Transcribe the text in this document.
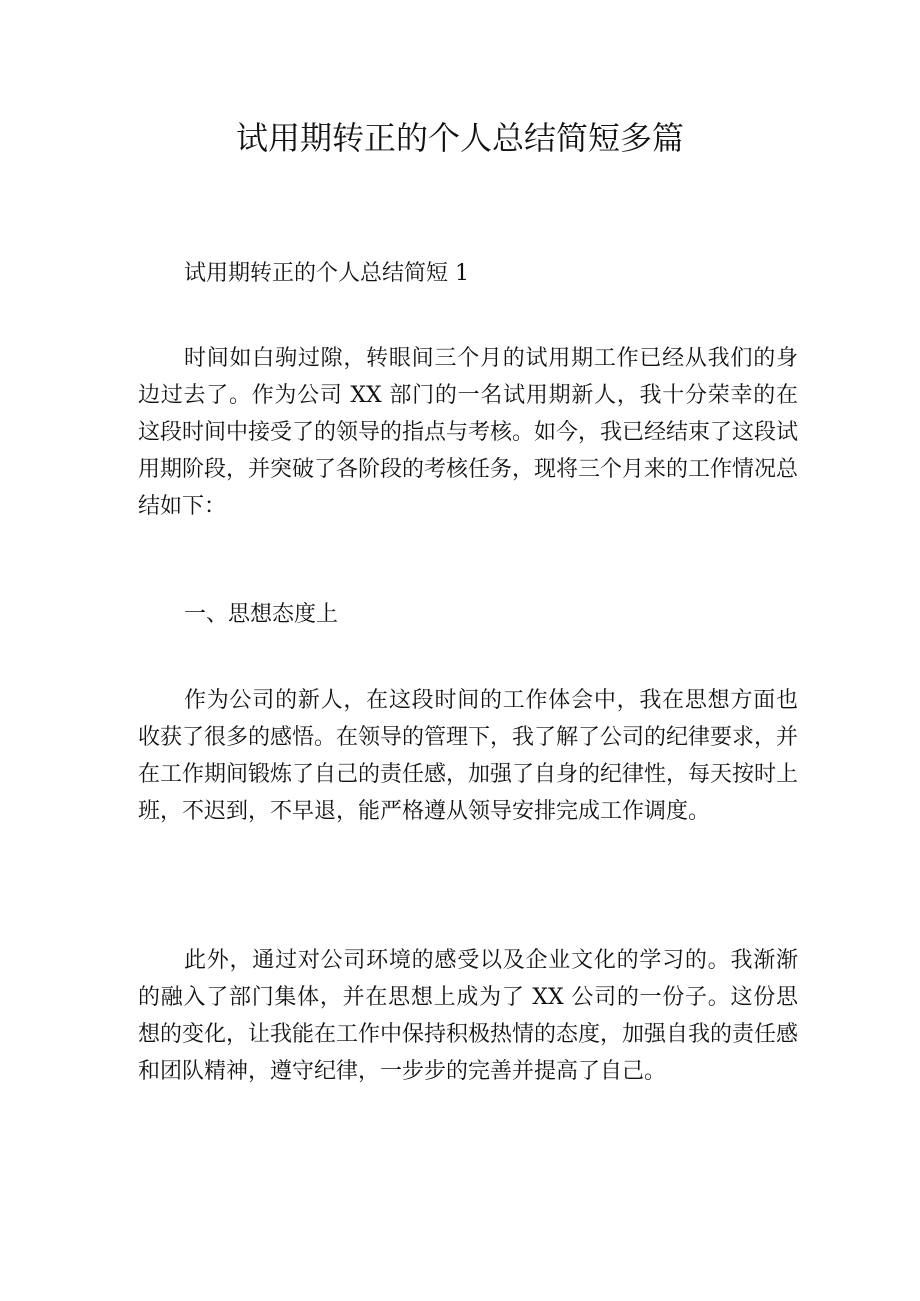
试用期转正的个人总结简短多篇

试用期转正的个人总结简短 1

时间如白驹过隙，转眼间三个月的试用期工作已经从我们的身边过去了。作为公司 XX 部门的一名试用期新人，我十分荣幸的在这段时间中接受了的领导的指点与考核。如今，我已经结束了这段试用期阶段，并突破了各阶段的考核任务，现将三个月来的工作情况总结如下：

一、思想态度上

作为公司的新人，在这段时间的工作体会中，我在思想方面也收获了很多的感悟。在领导的管理下，我了解了公司的纪律要求，并在工作期间锻炼了自己的责任感，加强了自身的纪律性，每天按时上班，不迟到，不早退，能严格遵从领导安排完成工作调度。

此外，通过对公司环境的感受以及企业文化的学习的。我渐渐的融入了部门集体，并在思想上成为了 XX 公司的一份子。这份思想的变化，让我能在工作中保持积极热情的态度，加强自我的责任感和团队精神，遵守纪律，一步步的完善并提高了自己。
